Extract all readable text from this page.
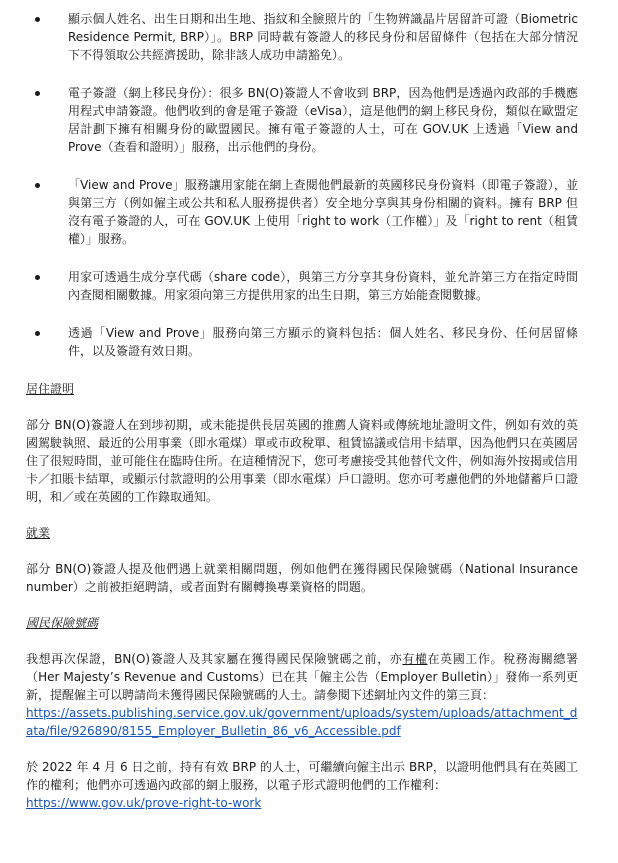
顯示個人姓名、出生日期和出生地、指紋和全臉照片的「生物辨識晶片居留許可證（Biometric Residence Permit, BRP）」。BRP 同時載有簽證人的移民身份和居留條件（包括在大部分情況下不得領取公共經濟援助，除非該人成功申請豁免）。
電子簽證（網上移民身份）：很多 BN(O)簽證人不會收到 BRP，因為他們是透過內政部的手機應用程式申請簽證。他們收到的會是電子簽證（eVisa），這是他們的網上移民身份，類似在歐盟定居計劃下擁有相關身份的歐盟國民。擁有電子簽證的人士，可在 GOV.UK 上透過「View and Prove（查看和證明）」服務，出示他們的身份。
「View and Prove」服務讓用家能在網上查閱他們最新的英國移民身份資料（即電子簽證），並與第三方（例如僱主或公共和私人服務提供者）安全地分享與其身份相關的資料。擁有 BRP 但沒有電子簽證的人，可在 GOV.UK 上使用「right to work（工作權）」及「right to rent（租賃權）」服務。
用家可透過生成分享代碼（share code），與第三方分享其身份資料，並允許第三方在指定時間內查閱相關數據。用家須向第三方提供用家的出生日期，第三方始能查閱數據。
透過「View and Prove」服務向第三方顯示的資料包括：個人姓名、移民身份、任何居留條件，以及簽證有效日期。
居住證明

部分 BN(O)簽證人在到埗初期，或未能提供長居英國的推薦人資料或傳統地址證明文件，例如有效的英國駕駛執照、最近的公用事業（即水電煤）單或市政稅單、租賃協議或信用卡結單，因為他們只在英國居住了很短時間，並可能住在臨時住所。在這種情況下，您可考慮接受其他替代文件，例如海外按揭或信用卡／扣賬卡結單，或顯示付款證明的公用事業（即水電煤）戶口證明。您亦可考慮他們的外地儲蓄戶口證明，和／或在英國的工作錄取通知。

就業

部分 BN(O)簽證人提及他們遇上就業相關問題，例如他們在獲得國民保險號碼（National Insurance number）之前被拒絕聘請，或者面對有關轉換專業資格的問題。

國民保險號碼

我想再次保證，BN(O)簽證人及其家屬在獲得國民保險號碼之前，亦有權在英國工作。稅務海關總署（Her Majesty’s Revenue and Customs）已在其「僱主公告（Employer Bulletin）」發佈一系列更新，提醒僱主可以聘請尚未獲得國民保險號碼的人士。請參閱下述網址內文件的第三頁：
https://assets.publishing.service.gov.uk/government/uploads/system/uploads/attachment_data/file/926890/8155_Employer_Bulletin_86_v6_Accessible.pdf

於 2022 年 4 月 6 日之前，持有有效 BRP 的人士，可繼續向僱主出示 BRP，以證明他們具有在英國工作的權利；他們亦可透過內政部的網上服務，以電子形式證明他們的工作權利：
https://www.gov.uk/prove-right-to-work
